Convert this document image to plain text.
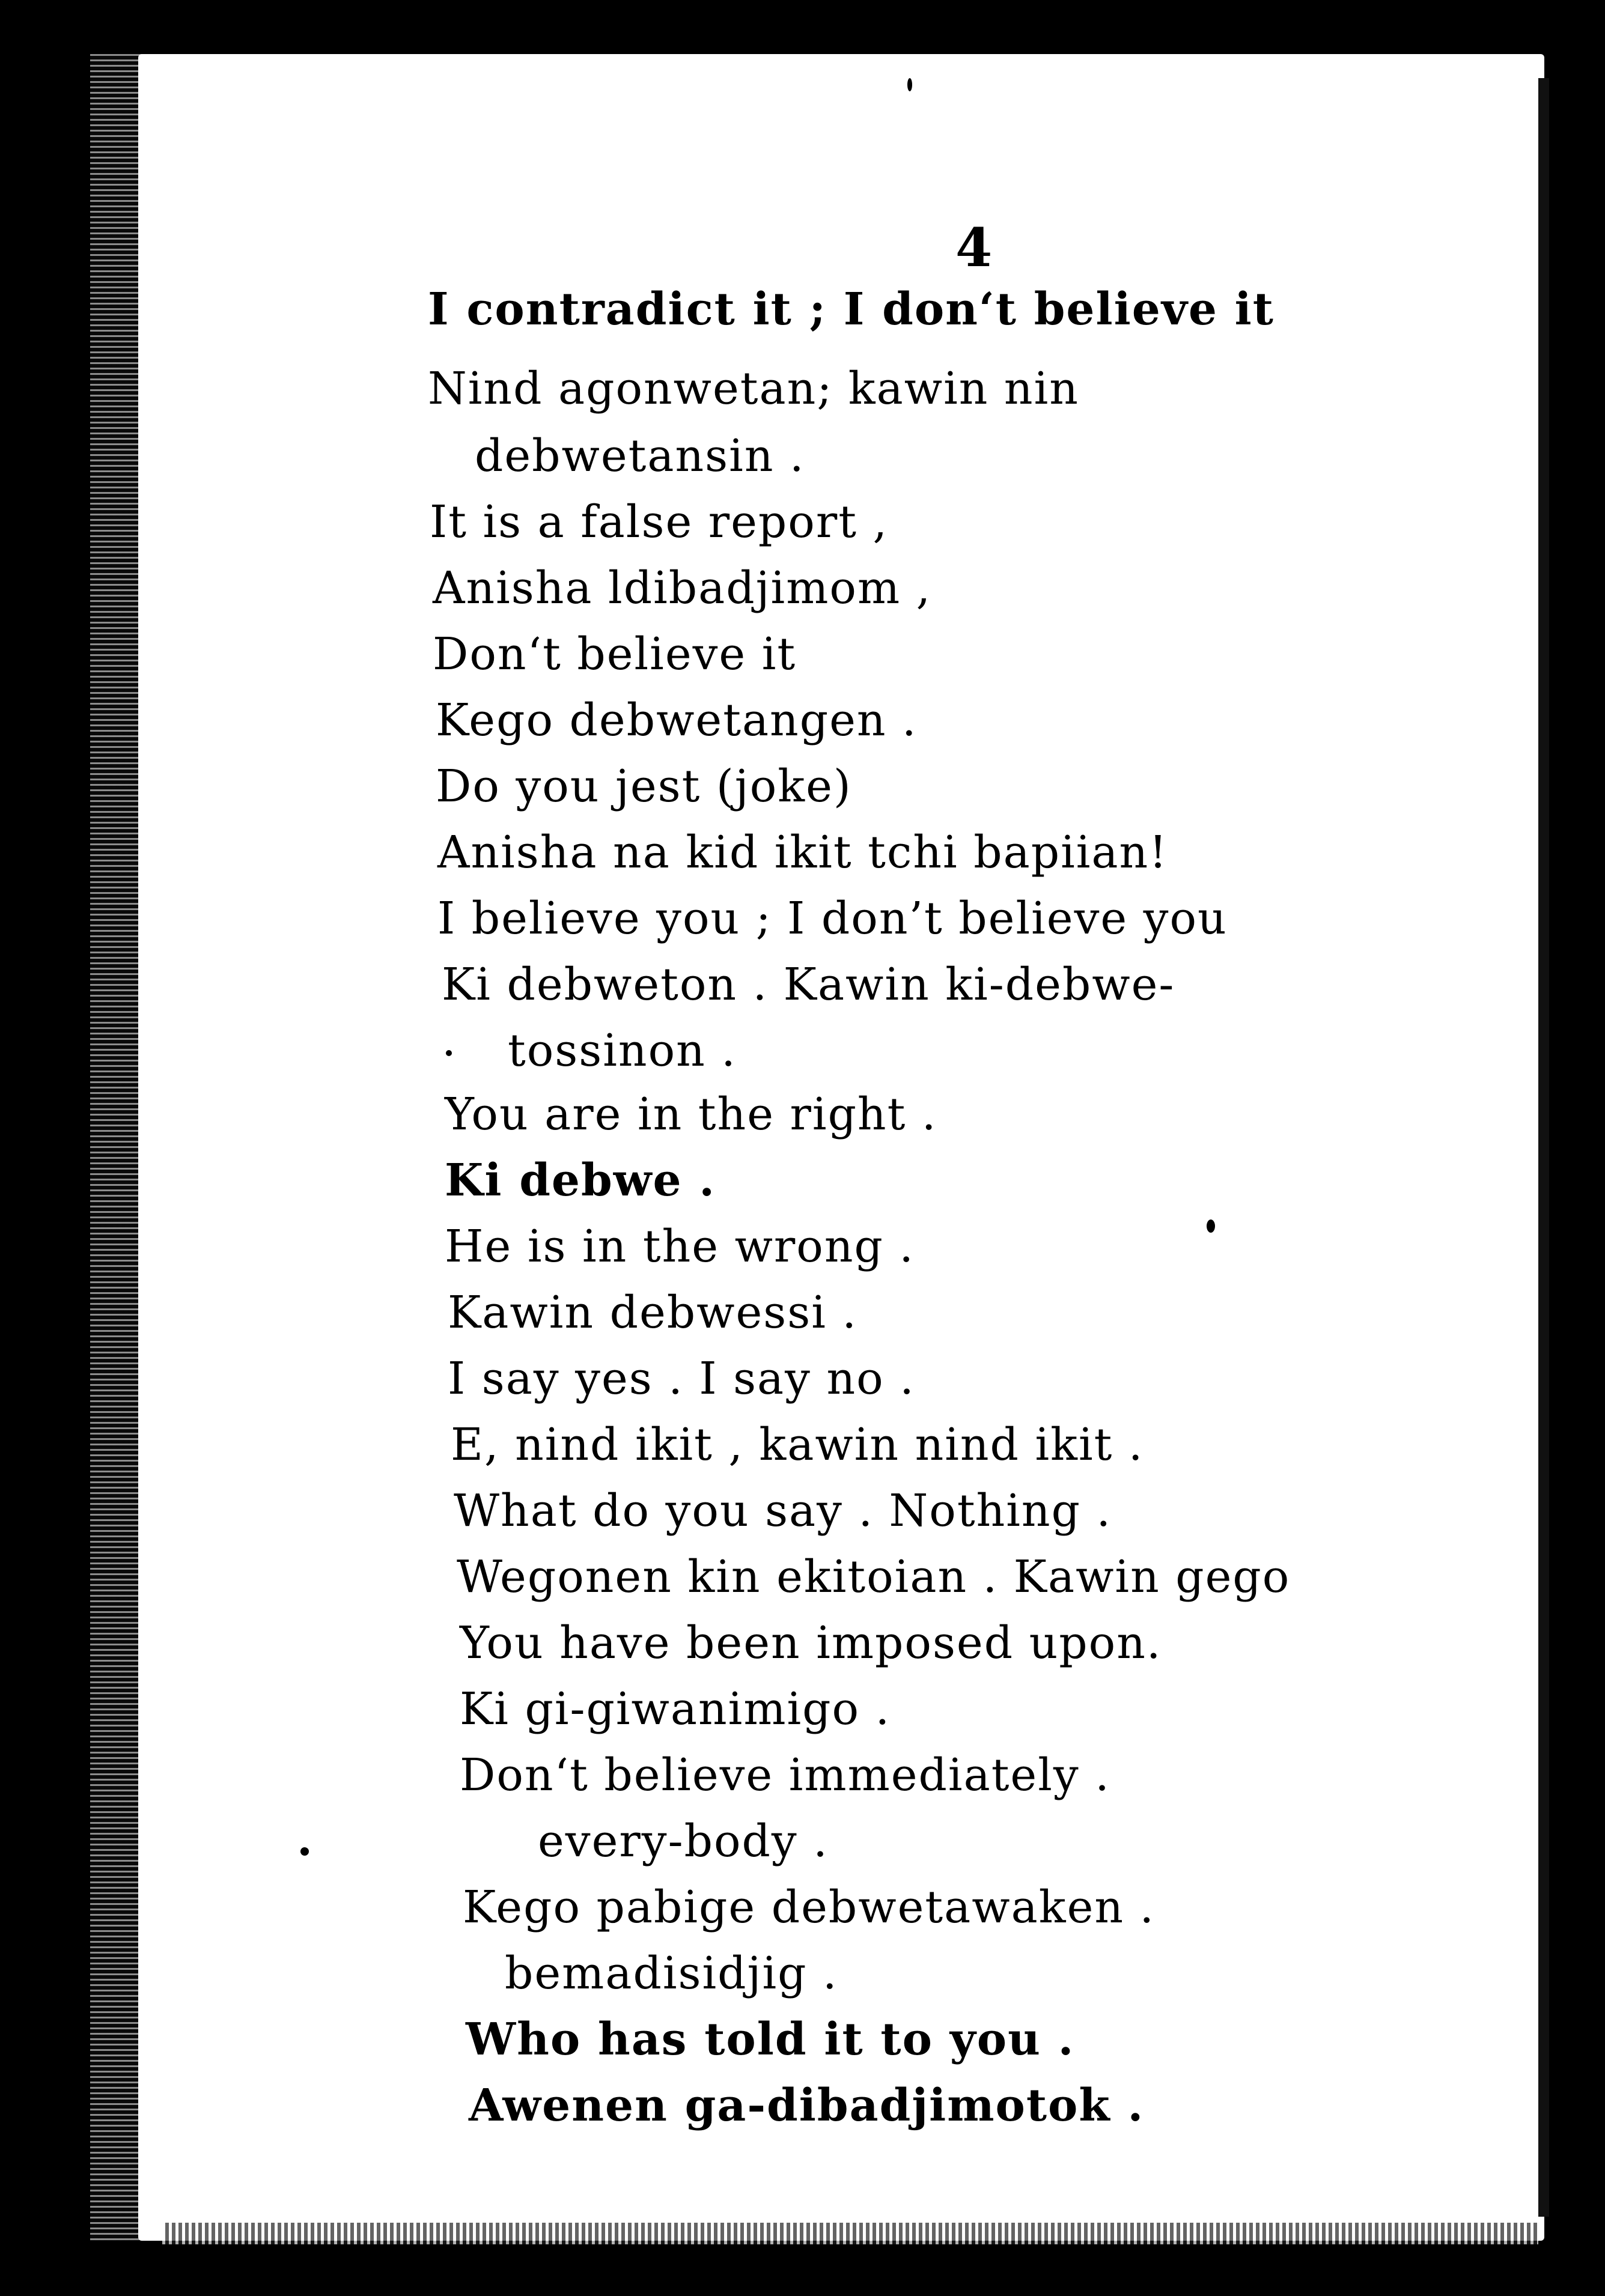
4
I contradict it ; I don‘t believe it
Nind agonwetan; kawin nin
debwetansin .
It is a false report ,
Anisha ldibadjimom ,
Don‘t believe it
Kego debwetangen .
Do you jest (joke)
Anisha na kid ikit tchi bapiian!
I believe you ; I don’t believe you
Ki debweton . Kawin ki-debwe-
tossinon .
You are in the right .
Ki debwe .
He is in the wrong .
Kawin debwessi .
I say yes . I say no .
E, nind ikit , kawin nind ikit .
What do you say . Nothing .
Wegonen kin ekitoian . Kawin gego
You have been imposed upon.
Ki gi-giwanimigo .
Don‘t believe immediately .
every-body .
Kego pabige debwetawaken .
bemadisidjig .
Who has told it to you .
Awenen ga-dibadjimotok .
